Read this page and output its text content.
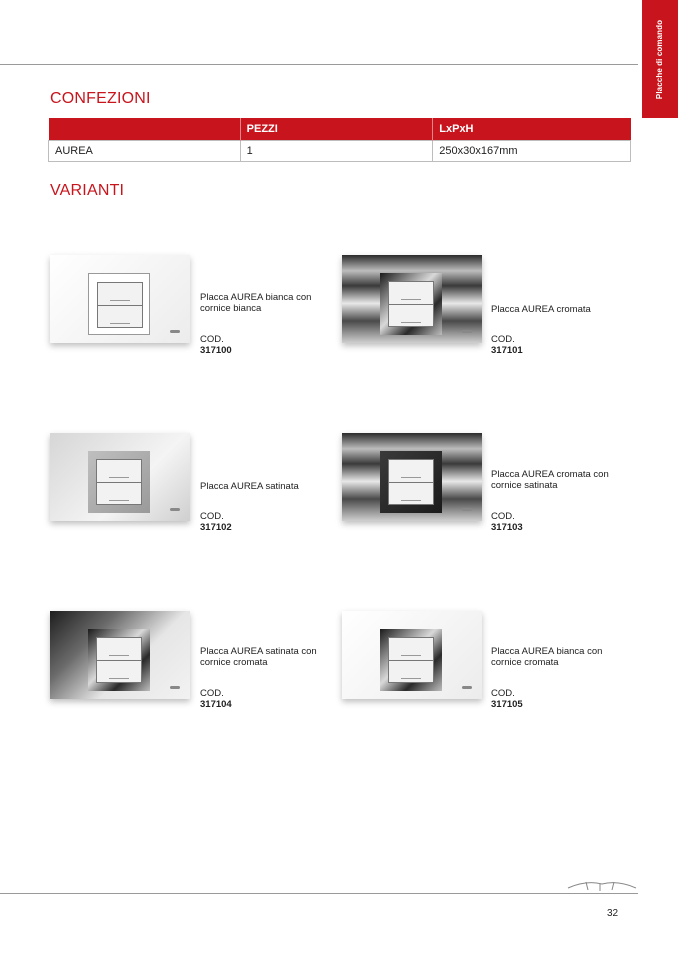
Placche di comando
CONFEZIONI
	PEZZI	LxPxH
AUREA	1	250x30x167mm
VARIANTI
Placca AUREA bianca con cornice bianca
COD. 317100
Placca AUREA cromata
COD. 317101
Placca AUREA satinata
COD. 317102
Placca AUREA cromata con cornice satinata
COD. 317103
Placca AUREA satinata con cornice cromata
COD. 317104
Placca AUREA bianca con cornice cromata
COD. 317105
32
